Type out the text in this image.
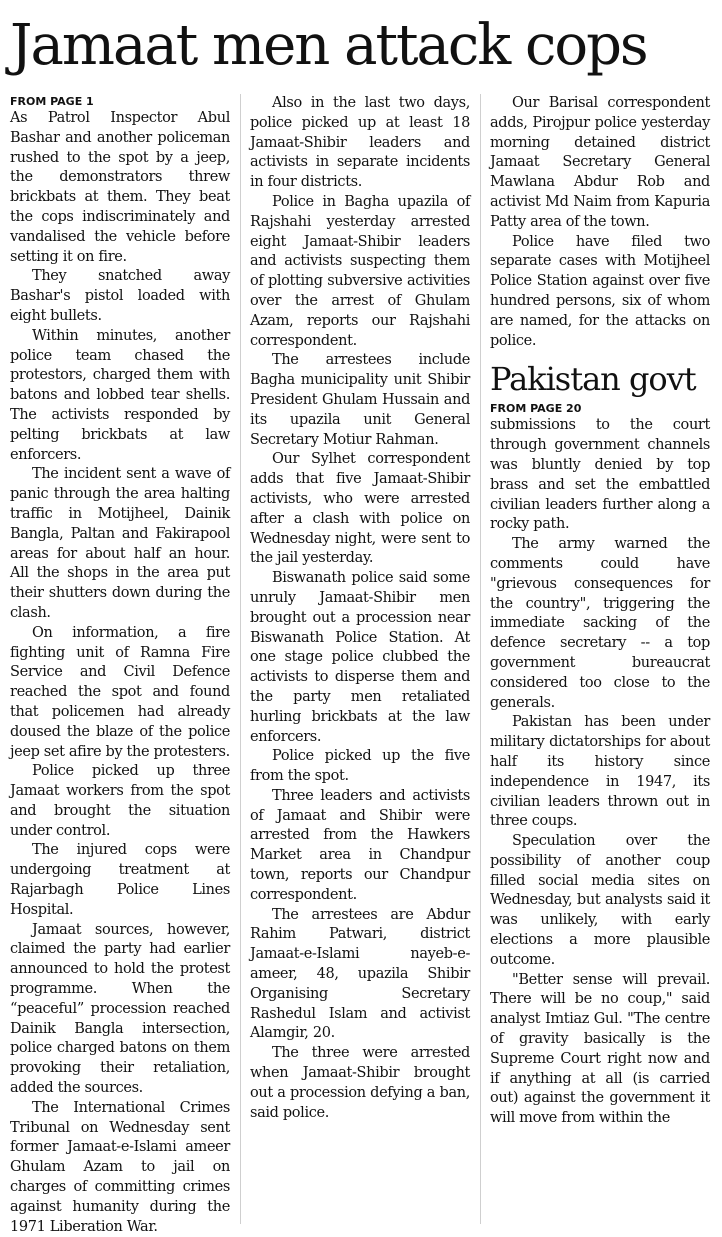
Jamaat men attack cops
FROM PAGE 1

As Patrol Inspector Abul Bashar and another policeman rushed to the spot by a jeep, the demonstrators threw brickbats at them. They beat the cops indiscriminately and vandalised the vehicle before setting it on fire.

They snatched away Bashar's pistol loaded with eight bullets.

Within minutes, another police team chased the protestors, charged them with batons and lobbed tear shells. The activists responded by pelting brickbats at law enforcers.

The incident sent a wave of panic through the area halting traffic in Motijheel, Dainik Bangla, Paltan and Fakirapool areas for about half an hour. All the shops in the area put their shutters down during the clash.

On information, a fire fighting unit of Ramna Fire Service and Civil Defence reached the spot and found that policemen had already doused the blaze of the police jeep set afire by the protesters.

Police picked up three Jamaat workers from the spot and brought the situation under control.

The injured cops were undergoing treatment at Rajarbagh Police Lines Hospital.

Jamaat sources, however, claimed the party had earlier announced to hold the protest programme. When the “peaceful” procession reached Dainik Bangla intersection, police charged batons on them provoking their retaliation, added the sources.

The International Crimes Tribunal on Wednesday sent former Jamaat-e-Islami ameer Ghulam Azam to jail on charges of committing crimes against humanity during the 1971 Liberation War.

Also in the last two days, police picked up at least 18 Jamaat-Shibir leaders and activists in separate incidents in four districts.

Police in Bagha upazila of Rajshahi yesterday arrested eight Jamaat-Shibir leaders and activists suspecting them of plotting subversive activities over the arrest of Ghulam Azam, reports our Rajshahi correspondent.

The arrestees include Bagha municipality unit Shibir President Ghulam Hussain and its upazila unit General Secretary Motiur Rahman.

Our Sylhet correspondent adds that five Jamaat-Shibir activists, who were arrested after a clash with police on Wednesday night, were sent to the jail yesterday.

Biswanath police said some unruly Jamaat-Shibir men brought out a procession near Biswanath Police Station. At one stage police clubbed the activists to disperse them and the party men retaliated hurling brickbats at the law enforcers.

Police picked up the five from the spot.

Three leaders and activists of Jamaat and Shibir were arrested from the Hawkers Market area in Chandpur town, reports our Chandpur correspondent.

The arrestees are Abdur Rahim Patwari, district Jamaat-e-Islami nayeb-e-ameer, 48, upazila Shibir Organising Secretary Rashedul Islam and activist Alamgir, 20.

The three were arrested when Jamaat-Shibir brought out a procession defying a ban, said police.

Our Barisal correspondent adds, Pirojpur police yesterday morning detained district Jamaat Secretary General Mawlana Abdur Rob and activist Md Naim from Kapuria Patty area of the town.

Police have filed two separate cases with Motijheel Police Station against over five hundred persons, six of whom are named, for the attacks on police.

Pakistan govt
FROM PAGE 20

submissions to the court through government channels was bluntly denied by top brass and set the embattled civilian leaders further along a rocky path.

The army warned the comments could have "grievous consequences for the country", triggering the immediate sacking of the defence secretary -- a top government bureaucrat considered too close to the generals.

Pakistan has been under military dictatorships for about half its history since independence in 1947, its civilian leaders thrown out in three coups.

Speculation over the possibility of another coup filled social media sites on Wednesday, but analysts said it was unlikely, with early elections a more plausible outcome.

"Better sense will prevail. There will be no coup," said analyst Imtiaz Gul. "The centre of gravity basically is the Supreme Court right now and if anything at all (is carried out) against the government it will move from within the
